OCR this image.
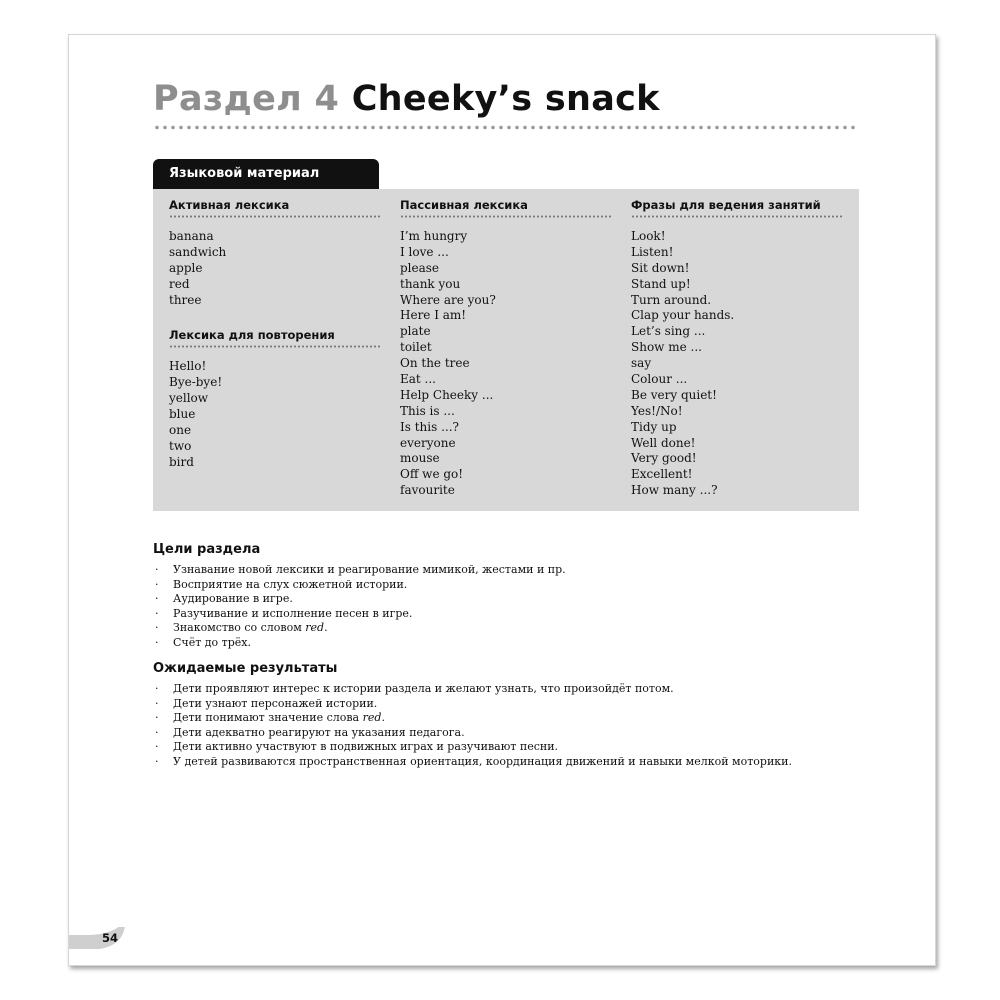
Раздел 4 Cheeky’s snack
Языковой материал
Активная лексика
banana
sandwich
apple
red
three
Лексика для повторения
Hello!
Bye-bye!
yellow
blue
one
two
bird
Пассивная лексика
I’m hungry
I love ...
please
thank you
Where are you?
Here I am!
plate
toilet
On the tree
Eat ...
Help Cheeky ...
This is ...
Is this ...?
everyone
mouse
Off we go!
favourite
Фразы для ведения занятий
Look!
Listen!
Sit down!
Stand up!
Turn around.
Clap your hands.
Let’s sing ...
Show me ...
say
Colour ...
Be very quiet!
Yes!/No!
Tidy up
Well done!
Very good!
Excellent!
How many ...?
Цели раздела
· Узнавание новой лексики и реагирование мимикой, жестами и пр.
· Восприятие на слух сюжетной истории.
· Аудирование в игре.
· Разучивание и исполнение песен в игре.
· Знакомство со словом red.
· Счёт до трёх.
Ожидаемые результаты
· Дети проявляют интерес к истории раздела и желают узнать, что произойдёт потом.
· Дети узнают персонажей истории.
· Дети понимают значение слова red.
· Дети адекватно реагируют на указания педагога.
· Дети активно участвуют в подвижных играх и разучивают песни.
· У детей развиваются пространственная ориентация, координация движений и навыки мелкой моторики.
54
